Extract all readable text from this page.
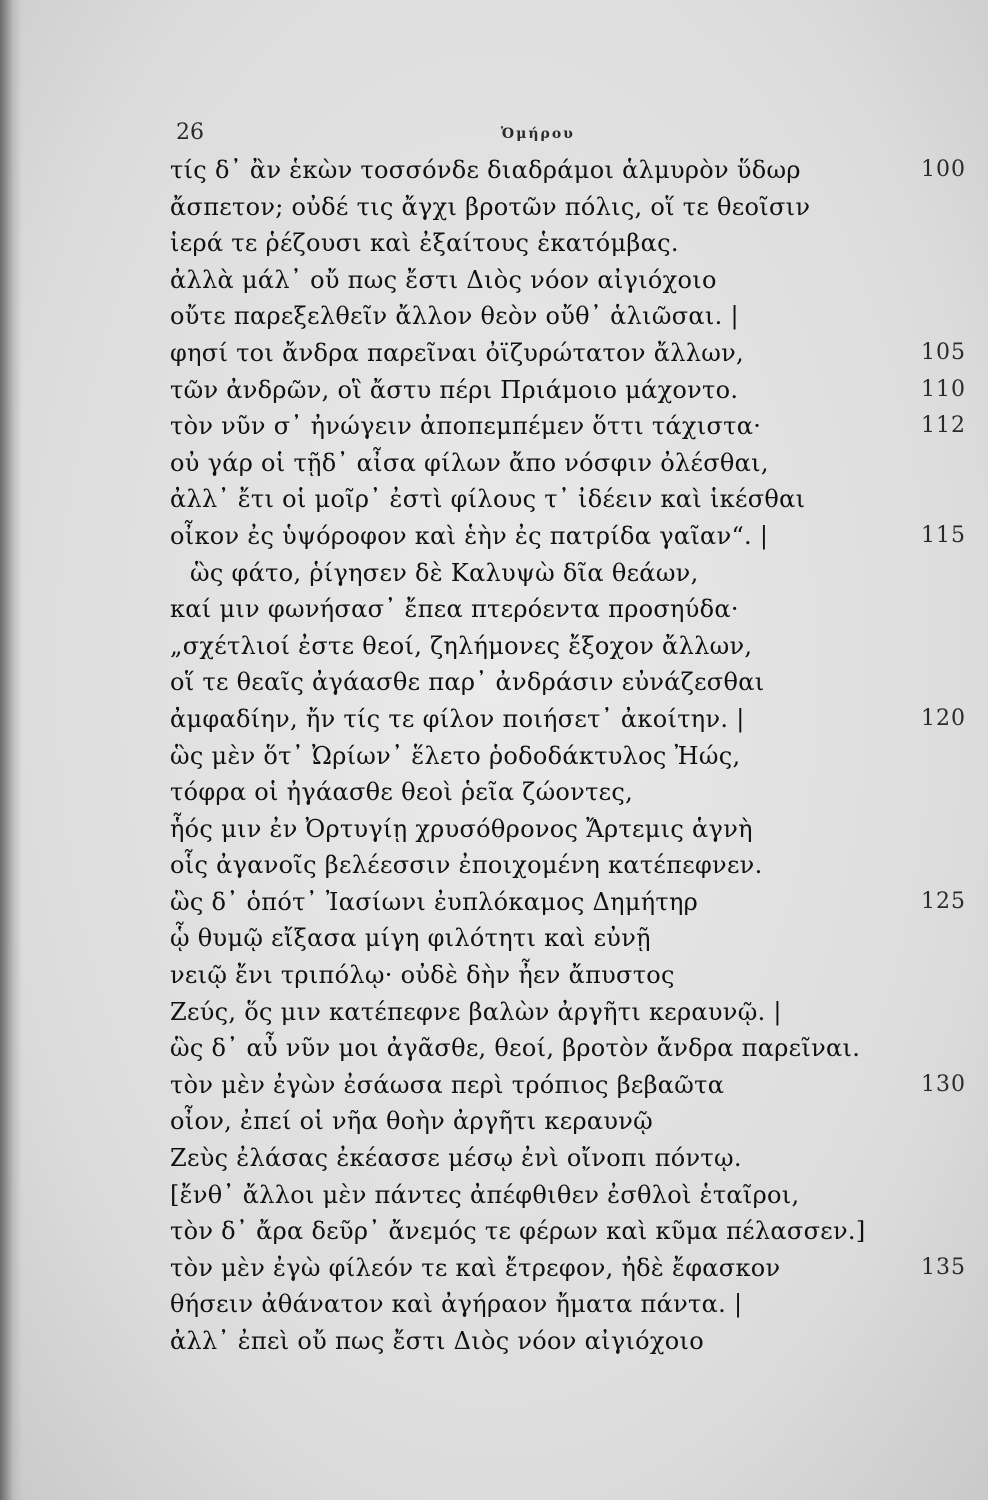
26	Ὁμήρου
τίς δ᾽ ἂν ἑκὼν τοσσόνδε διαδράμοι ἁλμυρὸν ὕδωρ	100
ἄσπετον; οὐδέ τις ἄγχι βροτῶν πόλις, οἵ τε θεοῖσιν
ἱερά τε ῥέζουσι καὶ ἐξαίτους ἑκατόμβας.
ἀλλὰ μάλ᾽ οὔ πως ἔστι Διὸς νόον αἰγιόχοιο
οὔτε παρεξελθεῖν ἄλλον θεὸν οὔθ᾽ ἁλιῶσαι. |
φησί τοι ἄνδρα παρεῖναι ὀϊζυρώτατον ἄλλων,	105
τῶν ἀνδρῶν, οἳ ἄστυ πέρι Πριάμοιο μάχοντο.	110
τὸν νῦν σ᾽ ἠνώγειν ἀποπεμπέμεν ὅττι τάχιστα·	112
οὐ γάρ οἱ τῇδ᾽ αἶσα φίλων ἄπο νόσφιν ὀλέσθαι,
ἀλλ᾽ ἔτι οἱ μοῖρ᾽ ἐστὶ φίλους τ᾽ ἰδέειν καὶ ἱκέσθαι
οἶκον ἐς ὑψόροφον καὶ ἑὴν ἐς πατρίδα γαῖαν“. |	115
ὣς φάτο, ῥίγησεν δὲ Καλυψὼ δῖα θεάων,
καί μιν φωνήσασ᾽ ἔπεα πτερόεντα προσηύδα·
„σχέτλιοί ἐστε θεοί, ζηλήμονες ἔξοχον ἄλλων,
οἵ τε θεαῖς ἀγάασθε παρ᾽ ἀνδράσιν εὐνάζεσθαι
ἀμφαδίην, ἤν τίς τε φίλον ποιήσετ᾽ ἀκοίτην. |	120
ὣς μὲν ὅτ᾽ Ὠρίων᾽ ἕλετο ῥοδοδάκτυλος Ἠώς,
τόφρα οἱ ἠγάασθε θεοὶ ῥεῖα ζώοντες,
ἧός μιν ἐν Ὀρτυγίῃ χρυσόθρονος Ἄρτεμις ἁγνὴ
οἷς ἀγανοῖς βελέεσσιν ἐποιχομένη κατέπεφνεν.
ὣς δ᾽ ὁπότ᾽ Ἰασίωνι ἐυπλόκαμος Δημήτηρ	125
ᾧ θυμῷ εἴξασα μίγη φιλότητι καὶ εὐνῇ
νειῷ ἔνι τριπόλῳ· οὐδὲ δὴν ἦεν ἄπυστος
Ζεύς, ὅς μιν κατέπεφνε βαλὼν ἀργῆτι κεραυνῷ. |
ὣς δ᾽ αὖ νῦν μοι ἀγᾶσθε, θεοί, βροτὸν ἄνδρα παρεῖναι.
τὸν μὲν ἐγὼν ἐσάωσα περὶ τρόπιος βεβαῶτα	130
οἶον, ἐπεί οἱ νῆα θοὴν ἀργῆτι κεραυνῷ
Ζεὺς ἐλάσας ἐκέασσε μέσῳ ἐνὶ οἴνοπι πόντῳ.
[ἔνθ᾽ ἄλλοι μὲν πάντες ἀπέφθιθεν ἐσθλοὶ ἑταῖροι,
τὸν δ᾽ ἄρα δεῦρ᾽ ἄνεμός τε φέρων καὶ κῦμα πέλασσεν.]
τὸν μὲν ἐγὼ φίλεόν τε καὶ ἔτρεφον, ἠδὲ ἔφασκον	135
θήσειν ἀθάνατον καὶ ἀγήραον ἤματα πάντα. |
ἀλλ᾽ ἐπεὶ οὔ πως ἔστι Διὸς νόον αἰγιόχοιο
